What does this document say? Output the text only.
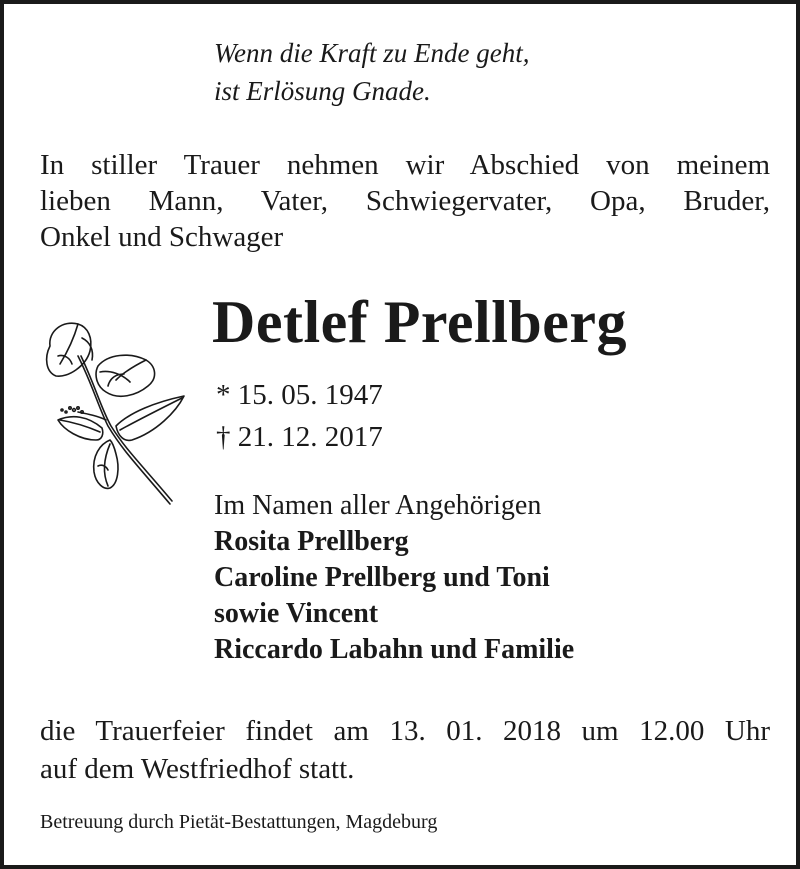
Wenn die Kraft zu Ende geht,
ist Erlösung Gnade.
In stiller Trauer nehmen wir Abschied von meinem
lieben Mann, Vater, Schwiegervater, Opa, Bruder,
Onkel und Schwager
Detlef Prellberg
* 15. 05. 1947
† 21. 12. 2017
Im Namen aller Angehörigen
Rosita Prellberg
Caroline Prellberg und Toni
sowie Vincent
Riccardo Labahn und Familie
die Trauerfeier findet am 13. 01. 2018 um 12.00 Uhr
auf dem Westfriedhof statt.
Betreuung durch Pietät-Bestattungen, Magdeburg
